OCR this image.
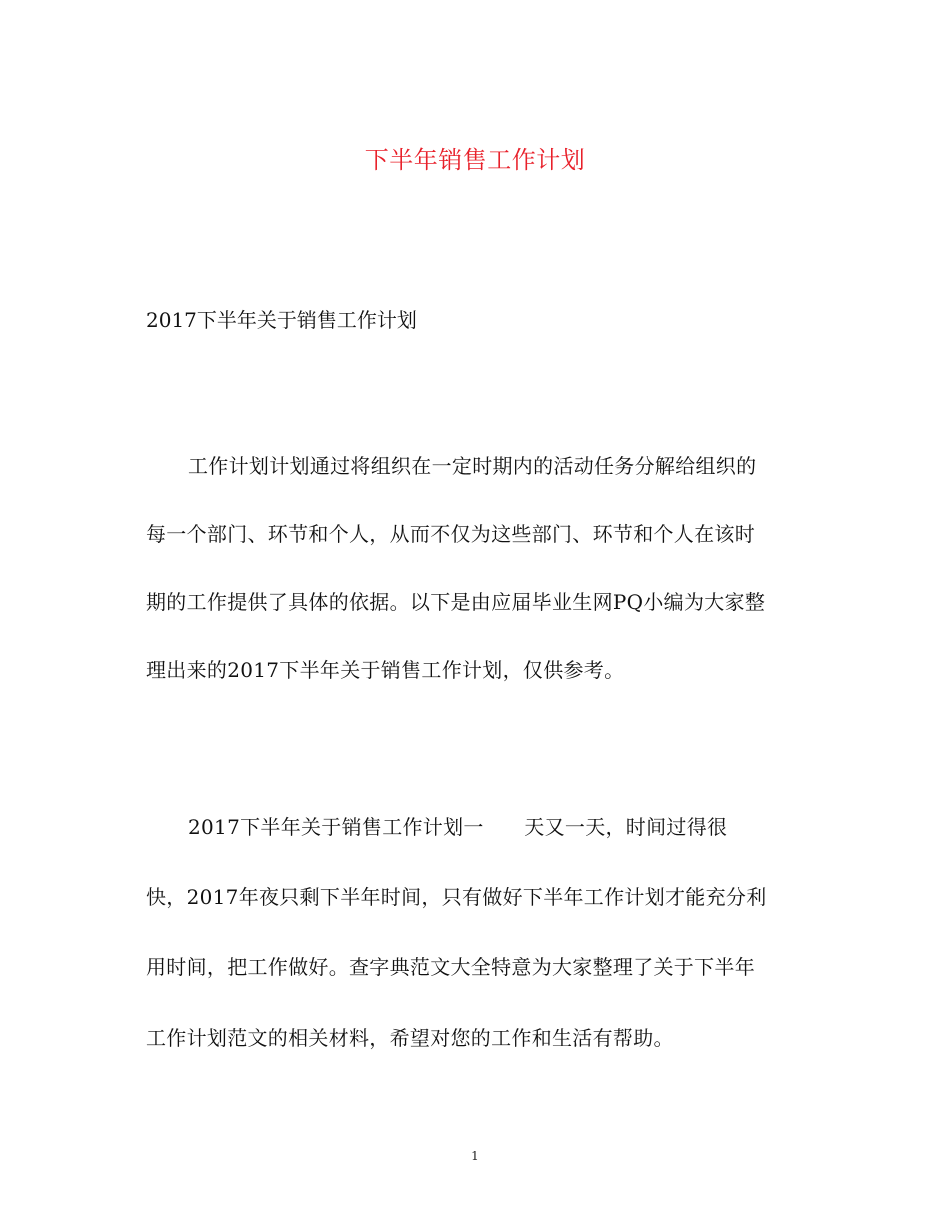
下半年销售工作计划
2017下半年关于销售工作计划
工作计划计划通过将组织在一定时期内的活动任务分解给组织的
每一个部门、环节和个人，从而不仅为这些部门、环节和个人在该时
期的工作提供了具体的依据。以下是由应届毕业生网PQ小编为大家整
理出来的2017下半年关于销售工作计划，仅供参考。
2017下半年关于销售工作计划一　　天又一天，时间过得很
快，2017年夜只剩下半年时间，只有做好下半年工作计划才能充分利
用时间，把工作做好。查字典范文大全特意为大家整理了关于下半年
工作计划范文的相关材料，希望对您的工作和生活有帮助。
1
